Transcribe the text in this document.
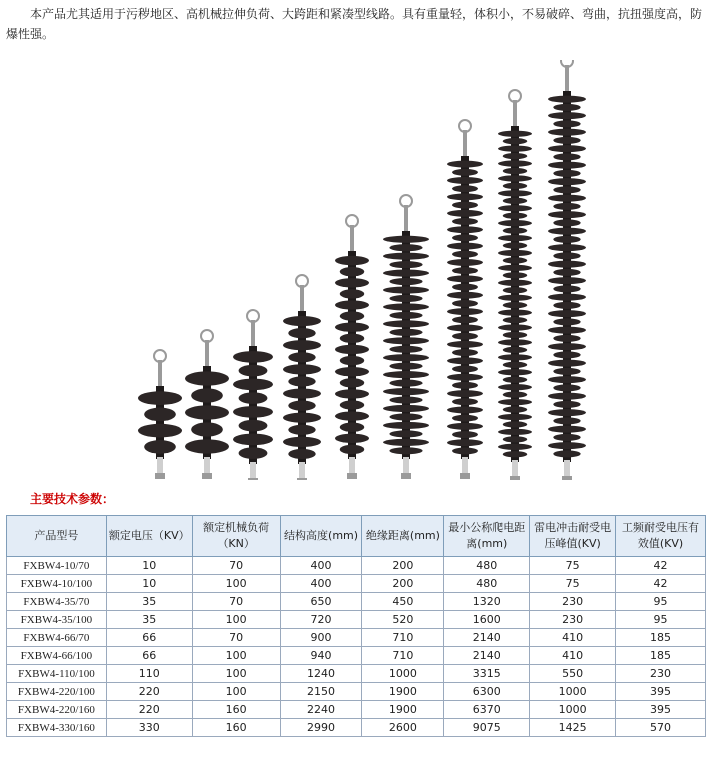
本产品尤其适用于污秽地区、高机械拉伸负荷、大跨距和紧凑型线路。具有重量轻，体积小，不易破碎、弯曲，抗扭强度高，防爆性强。

主要技术参数：

产品型号	额定电压（KV）	额定机械负荷（KN）	结构高度(mm)	绝缘距离(mm)	最小公称爬电距离(mm)	雷电冲击耐受电压峰值(KV)	工频耐受电压有效值(KV)
FXBW4-10/70	10	70	400	200	480	75	42
FXBW4-10/100	10	100	400	200	480	75	42
FXBW4-35/70	35	70	650	450	1320	230	95
FXBW4-35/100	35	100	720	520	1600	230	95
FXBW4-66/70	66	70	900	710	2140	410	185
FXBW4-66/100	66	100	940	710	2140	410	185
FXBW4-110/100	110	100	1240	1000	3315	550	230
FXBW4-220/100	220	100	2150	1900	6300	1000	395
FXBW4-220/160	220	160	2240	1900	6370	1000	395
FXBW4-330/160	330	160	2990	2600	9075	1425	570
